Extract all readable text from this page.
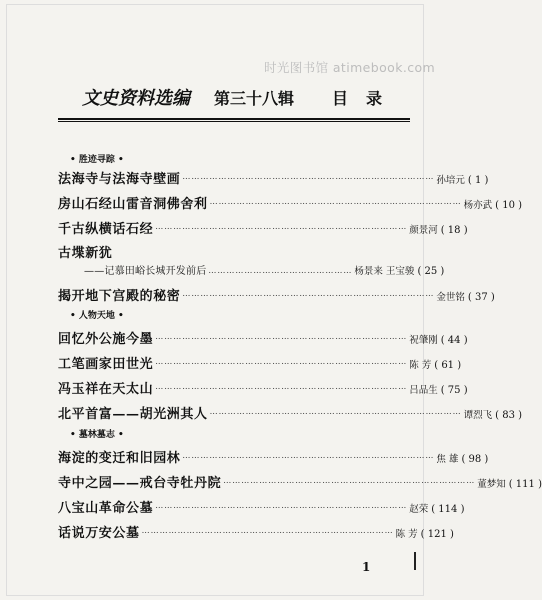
时光图书馆 atimebook.com
文史资料选编 第三十八辑 目录
• 胜迹寻踪 •
法海寺与法海寺壁画 ………………………………………………………………………… 孙培元 ( 1 )
房山石经山雷音洞佛舍利 ………………………………………………………………………… 杨亦武 ( 10 )
千古纵横话石经 ………………………………………………………………………… 颜景河 ( 18 )
古堞新犹
——记慕田峪长城开发前后 ………………………………………… 杨景来 王宝骏 ( 25 )
揭开地下宫殿的秘密 ………………………………………………………………………… 金世铭 ( 37 )
• 人物天地 •
回忆外公施今墨 ………………………………………………………………………… 祝肇刚 ( 44 )
工笔画家田世光 ………………………………………………………………………… 陈 芳 ( 61 )
冯玉祥在天太山 ………………………………………………………………………… 吕品生 ( 75 )
北平首富——胡光洲其人 ………………………………………………………………………… 谭烈飞 ( 83 )
• 墓林墓志 •
海淀的变迁和旧园林 ………………………………………………………………………… 焦 雄 ( 98 )
寺中之园——戒台寺牡丹院 ………………………………………………………………………… 董梦知 ( 111 )
八宝山革命公墓 ………………………………………………………………………… 赵荣 ( 114 )
话说万安公墓 ………………………………………………………………………… 陈 芳 ( 121 )
1
